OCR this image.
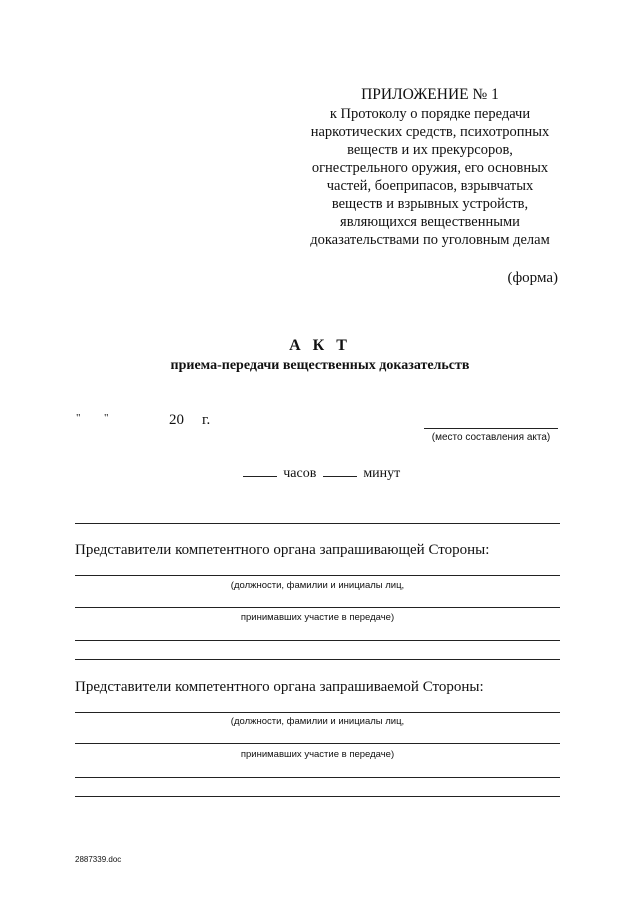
ПРИЛОЖЕНИЕ № 1
к Протоколу о порядке передачи
наркотических средств, психотропных
веществ и их прекурсоров,
огнестрельного оружия, его основных
частей, боеприпасов, взрывчатых
веществ и взрывных устройств,
являющихся вещественными
доказательствами по уголовным делам
(форма)
А К Т
приема-передачи вещественных доказательств
" "	20 г.
(место составления акта)
часов	минут
Представители компетентного органа запрашивающей Стороны:
(должности, фамилии и инициалы лиц,
принимавших участие в передаче)
Представители компетентного органа запрашиваемой Стороны:
(должности, фамилии и инициалы лиц,
принимавших участие в передаче)
2887339.doc
